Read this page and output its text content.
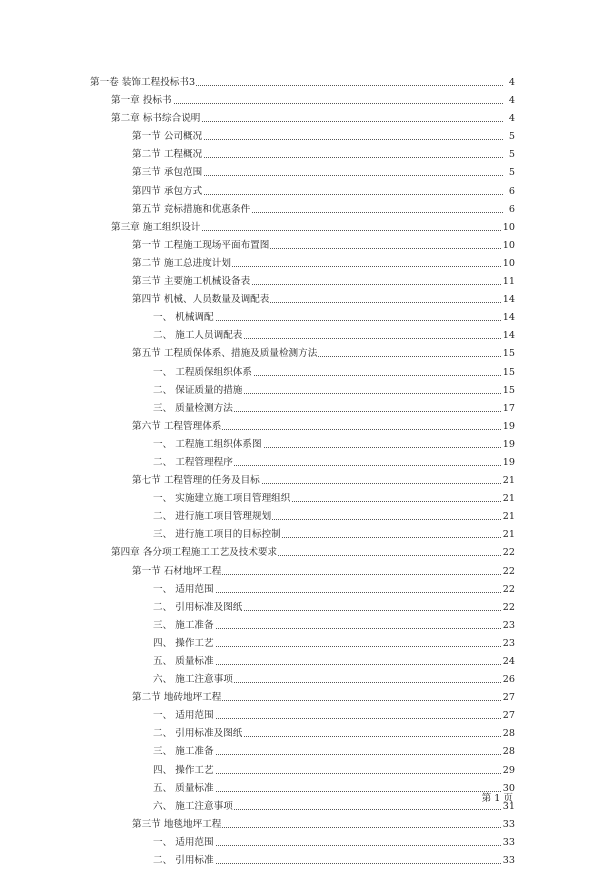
第一卷 装饰工程投标书3	4
第一章 投标书	4
第二章 标书综合说明	4
第一节 公司概况	5
第二节 工程概况	5
第三节 承包范围	5
第四节 承包方式	6
第五节 竞标措施和优惠条件	6
第三章 施工组织设计	10
第一节 工程施工现场平面布置图	10
第二节 施工总进度计划	10
第三节 主要施工机械设备表	11
第四节 机械、人员数量及调配表	14
一、 机械调配	14
二、 施工人员调配表	14
第五节 工程质保体系、措施及质量检测方法	15
一、 工程质保组织体系	15
二、 保证质量的措施	15
三、 质量检测方法	17
第六节 工程管理体系	19
一、 工程施工组织体系图	19
二、 工程管理程序	19
第七节 工程管理的任务及目标	21
一、 实施建立施工项目管理组织	21
二、 进行施工项目管理规划	21
三、 进行施工项目的目标控制	21
第四章 各分项工程施工工艺及技术要求	22
第一节 石材地坪工程	22
一、 适用范围	22
二、 引用标准及图纸	22
三、 施工准备	23
四、 操作工艺	23
五、 质量标准	24
六、 施工注意事项	26
第二节 地砖地坪工程	27
一、 适用范围	27
二、 引用标准及图纸	28
三、 施工准备	28
四、 操作工艺	29
五、 质量标准	30
六、 施工注意事项	31
第三节 地毯地坪工程	33
一、 适用范围	33
二、 引用标准	33
第 1 页
